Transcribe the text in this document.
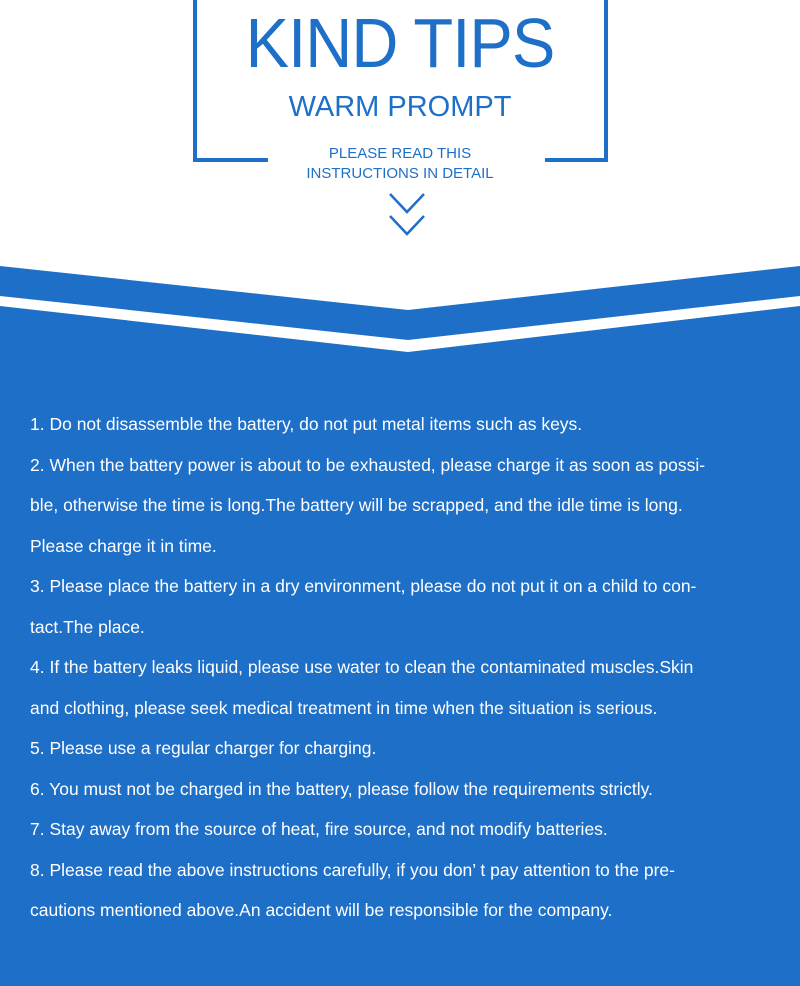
KIND TIPS
WARM PROMPT
PLEASE READ THIS
INSTRUCTIONS IN DETAIL

1. Do not disassemble the battery, do not put metal items such as keys.

2. When the battery power is about to be exhausted, please charge it as soon as possi-

ble, otherwise the time is long.The battery will be scrapped, and the idle time is long.

Please charge it in time.

3. Please place the battery in a dry environment, please do not put it on a child to con-

tact.The place.

4. If the battery leaks liquid, please use water to clean the contaminated muscles.Skin

and clothing, please seek medical treatment in time when the situation is serious.

5. Please use a regular charger for charging.

6. You must not be charged in the battery, please follow the requirements strictly.

7. Stay away from the source of heat, fire source, and not modify batteries.

8. Please read the above instructions carefully, if you don’ t pay attention to the pre-

cautions mentioned above.An accident will be responsible for the company.
